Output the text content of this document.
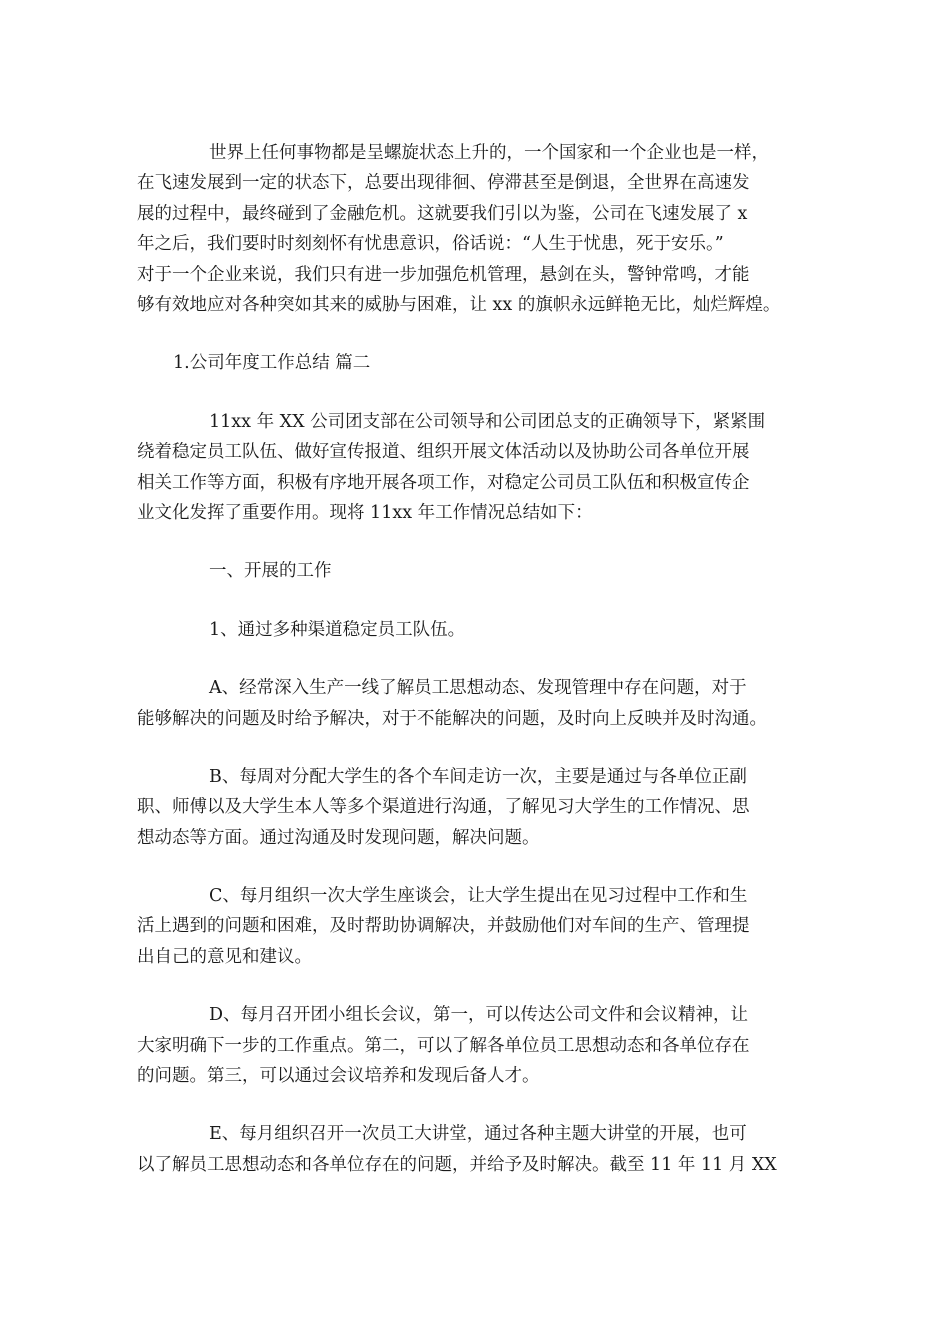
世界上任何事物都是呈螺旋状态上升的，一个国家和一个企业也是一样，
在飞速发展到一定的状态下，总要出现徘徊、停滞甚至是倒退，全世界在高速发
展的过程中，最终碰到了金融危机。这就要我们引以为鉴，公司在飞速发展了 x
年之后，我们要时时刻刻怀有忧患意识，俗话说：“人生于忧患，死于安乐。”
对于一个企业来说，我们只有进一步加强危机管理，悬剑在头，警钟常鸣，才能
够有效地应对各种突如其来的威胁与困难，让 xx 的旗帜永远鲜艳无比，灿烂辉煌。
1.公司年度工作总结 篇二
11xx 年 XX 公司团支部在公司领导和公司团总支的正确领导下，紧紧围
绕着稳定员工队伍、做好宣传报道、组织开展文体活动以及协助公司各单位开展
相关工作等方面，积极有序地开展各项工作，对稳定公司员工队伍和积极宣传企
业文化发挥了重要作用。现将 11xx 年工作情况总结如下：
一、开展的工作
1、通过多种渠道稳定员工队伍。
A、经常深入生产一线了解员工思想动态、发现管理中存在问题，对于
能够解决的问题及时给予解决，对于不能解决的问题，及时向上反映并及时沟通。
B、每周对分配大学生的各个车间走访一次，主要是通过与各单位正副
职、师傅以及大学生本人等多个渠道进行沟通，了解见习大学生的工作情况、思
想动态等方面。通过沟通及时发现问题，解决问题。
C、每月组织一次大学生座谈会，让大学生提出在见习过程中工作和生
活上遇到的问题和困难，及时帮助协调解决，并鼓励他们对车间的生产、管理提
出自己的意见和建议。
D、每月召开团小组长会议，第一，可以传达公司文件和会议精神，让
大家明确下一步的工作重点。第二，可以了解各单位员工思想动态和各单位存在
的问题。第三，可以通过会议培养和发现后备人才。
E、每月组织召开一次员工大讲堂，通过各种主题大讲堂的开展，也可
以了解员工思想动态和各单位存在的问题，并给予及时解决。截至 11 年 11 月 XX
